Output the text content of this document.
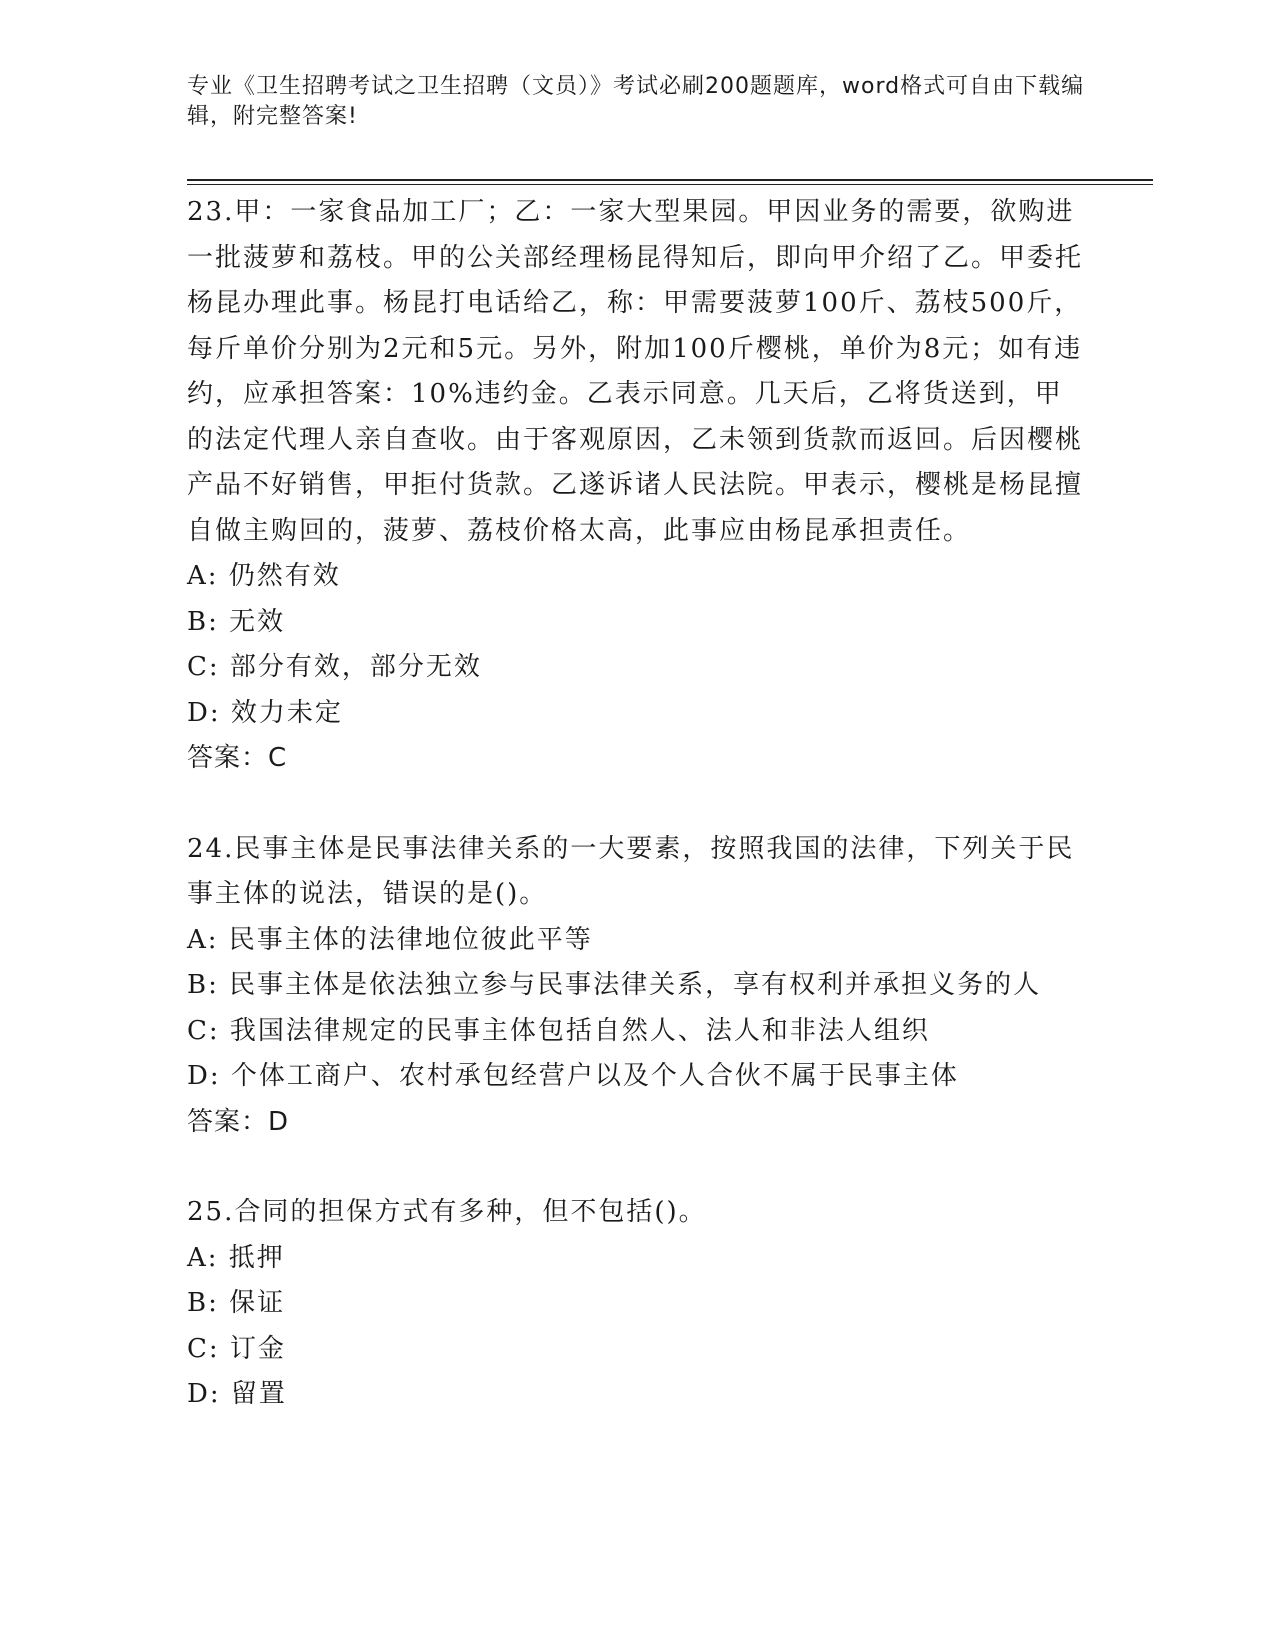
专业《卫生招聘考试之卫生招聘（文员）》考试必刷200题题库，word格式可自由下载编辑，附完整答案!

23.甲：一家食品加工厂；乙：一家大型果园。甲因业务的需要，欲购进一批菠萝和荔枝。甲的公关部经理杨昆得知后，即向甲介绍了乙。甲委托杨昆办理此事。杨昆打电话给乙，称：甲需要菠萝100斤、荔枝500斤，每斤单价分别为2元和5元。另外，附加100斤樱桃，单价为8元；如有违约，应承担答案：10%违约金。乙表示同意。几天后，乙将货送到，甲的法定代理人亲自查收。由于客观原因，乙未领到货款而返回。后因樱桃产品不好销售，甲拒付货款。乙遂诉诸人民法院。甲表示，樱桃是杨昆擅自做主购回的，菠萝、荔枝价格太高，此事应由杨昆承担责任。

A: 仍然有效

B: 无效

C: 部分有效，部分无效

D: 效力未定

答案：C

24.民事主体是民事法律关系的一大要素，按照我国的法律，下列关于民事主体的说法，错误的是()。

A: 民事主体的法律地位彼此平等

B: 民事主体是依法独立参与民事法律关系，享有权利并承担义务的人

C: 我国法律规定的民事主体包括自然人、法人和非法人组织

D: 个体工商户、农村承包经营户以及个人合伙不属于民事主体

答案：D

25.合同的担保方式有多种，但不包括()。

A: 抵押

B: 保证

C: 订金

D: 留置
